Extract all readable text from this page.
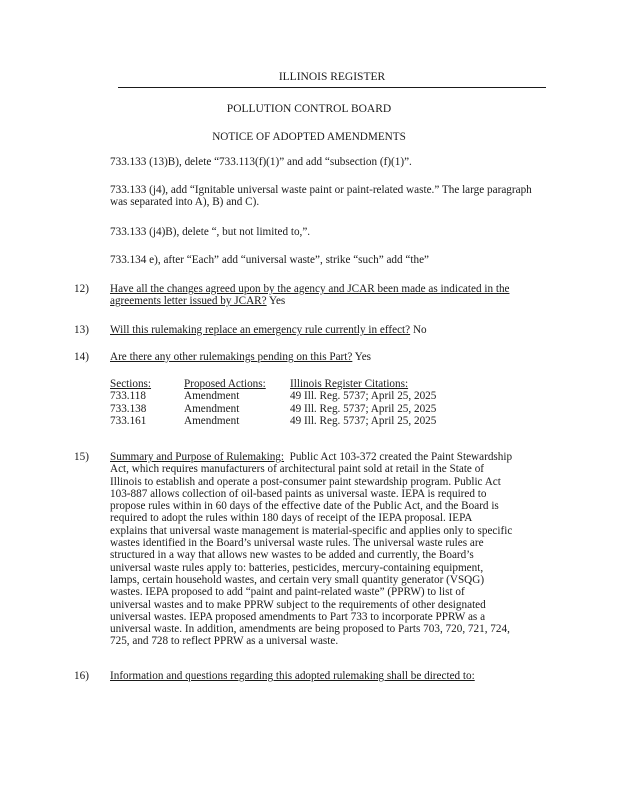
ILLINOIS REGISTER
POLLUTION CONTROL BOARD
NOTICE OF ADOPTED AMENDMENTS
733.133 (13)B), delete “733.113(f)(1)” and add “subsection (f)(1)”.
733.133 (j4), add “Ignitable universal waste paint or paint-related waste.” The large paragraph was separated into A), B) and C).
733.133 (j4)B), delete “, but not limited to,”.
733.134 e), after “Each” add “universal waste”, strike “such” add “the”
12) Have all the changes agreed upon by the agency and JCAR been made as indicated in the agreements letter issued by JCAR? Yes
13) Will this rulemaking replace an emergency rule currently in effect? No
14) Are there any other rulemakings pending on this Part? Yes
Sections:	Proposed Actions:	Illinois Register Citations:
733.118	Amendment	49 Ill. Reg. 5737; April 25, 2025
733.138	Amendment	49 Ill. Reg. 5737; April 25, 2025
733.161	Amendment	49 Ill. Reg. 5737; April 25, 2025
15) Summary and Purpose of Rulemaking: Public Act 103-372 created the Paint Stewardship
Act, which requires manufacturers of architectural paint sold at retail in the State of
Illinois to establish and operate a post-consumer paint stewardship program. Public Act
103-887 allows collection of oil-based paints as universal waste. IEPA is required to
propose rules within in 60 days of the effective date of the Public Act, and the Board is
required to adopt the rules within 180 days of receipt of the IEPA proposal. IEPA
explains that universal waste management is material-specific and applies only to specific
wastes identified in the Board’s universal waste rules. The universal waste rules are
structured in a way that allows new wastes to be added and currently, the Board’s
universal waste rules apply to: batteries, pesticides, mercury-containing equipment,
lamps, certain household wastes, and certain very small quantity generator (VSQG)
wastes. IEPA proposed to add “paint and paint-related waste” (PPRW) to list of
universal wastes and to make PPRW subject to the requirements of other designated
universal wastes. IEPA proposed amendments to Part 733 to incorporate PPRW as a
universal waste. In addition, amendments are being proposed to Parts 703, 720, 721, 724,
725, and 728 to reflect PPRW as a universal waste.
16) Information and questions regarding this adopted rulemaking shall be directed to:
